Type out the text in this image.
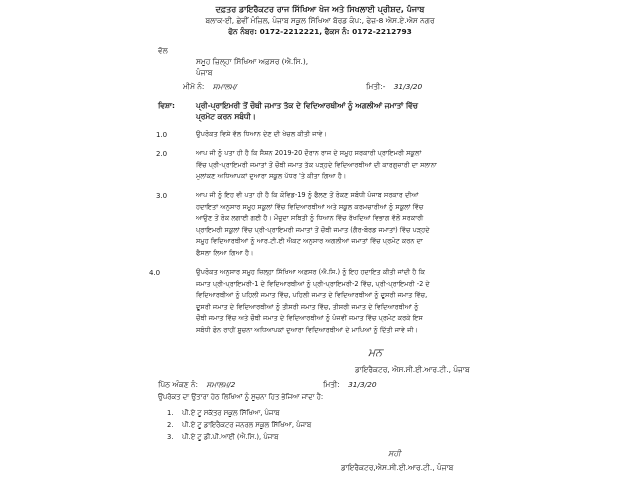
ਦਫ਼ਤਰ ਡਾਇਰੈਕਟਰ ਰਾਜ ਸਿੱਖਿਆ ਖੋਜ ਅਤੇ ਸਿਖਲਾਈ ਪ੍ਰੀਸ਼ਦ, ਪੰਜਾਬ
ਬਲਾਕ-ਈ, ਛੇਵੀਂ ਮੰਜ਼ਿਲ, ਪੰਜਾਬ ਸਕੂਲ ਸਿੱਖਿਆ ਬੋਰਡ ਕੰਪ:, ਫੇਜ਼-8 ਐਸ.ਏ.ਐਸ ਨਗਰ
ਫੋਨ ਨੰਬਰ: 0172-2212221, ਫੈਕਸ ਨੰ: 0172-2212793
ਵੱਲ
ਸਮੂਹ ਜ਼ਿਲ੍ਹਾ ਸਿੱਖਿਆ ਅਫ਼ਸਰ (ਐ.ਸਿ.),
ਪੰਜਾਬ
ਮੀਮੋ ਨੰ: ਸਮਾਲਮ/	ਮਿਤੀ:- 31/3/20
ਵਿਸ਼ਾ:	ਪ੍ਰੀ-ਪ੍ਰਾਇਮਰੀ ਤੋਂ ਚੌਥੀ ਜਮਾਤ ਤੱਕ ਦੇ ਵਿਦਿਆਰਥੀਆਂ ਨੂੰ ਅਗਲੀਆਂ ਜਮਾਤਾਂ ਵਿੱਚ
ਪ੍ਰਮੋਟ ਕਰਨ ਸਬੰਧੀ।
1.0	ਉਪਰੋਕਤ ਵਿਸ਼ੇ ਵੱਲ ਧਿਆਨ ਦੇਣ ਦੀ ਖੇਚਲ ਕੀਤੀ ਜਾਵੇ।
2.0	ਆਪ ਜੀ ਨੂੰ ਪਤਾ ਹੀ ਹੈ ਕਿ ਸੈਸ਼ਨ 2019-20 ਦੌਰਾਨ ਰਾਜ ਦੇ ਸਮੂਹ ਸਰਕਾਰੀ ਪ੍ਰਾਇਮਰੀ ਸਕੂਲਾਂ
ਵਿੱਚ ਪ੍ਰੀ-ਪ੍ਰਾਇਮਰੀ ਜਮਾਤਾਂ ਤੋਂ ਚੌਥੀ ਜਮਾਤ ਤੱਕ ਪੜ੍ਹਦੇ ਵਿਦਿਆਰਥੀਆਂ ਦੀ ਕਾਰਗੁਜ਼ਾਰੀ ਦਾ ਸਲਾਨਾ
ਮੁਲਾਂਕਣ ਅਧਿਆਪਕਾਂ ਦੁਆਰਾ ਸਕੂਲ ਪੱਧਰ 'ਤੇ ਕੀਤਾ ਗਿਆ ਹੈ।
3.0	ਆਪ ਜੀ ਨੂੰ ਇਹ ਵੀ ਪਤਾ ਹੀ ਹੈ ਕਿ ਕੋਵਿਡ-19 ਨੂੰ ਫੈਲਣ ਤੋਂ ਰੋਕਣ ਸਬੰਧੀ ਪੰਜਾਬ ਸਰਕਾਰ ਦੀਆਂ
ਹਦਾਇਤਾਂ ਅਨੁਸਾਰ ਸਮੂਹ ਸਕੂਲਾਂ ਵਿੱਚ ਵਿਦਿਆਰਥੀਆਂ ਅਤੇ ਸਕੂਲ ਕਰਮਚਾਰੀਆਂ ਨੂੰ ਸਕੂਲਾਂ ਵਿੱਚ
ਆਉਣ ਤੋਂ ਰੋਕ ਲਗਾਈ ਗਈ ਹੈ। ਮੌਜੂਦਾ ਸਥਿਤੀ ਨੂੰ ਧਿਆਨ ਵਿੱਚ ਰੱਖਦਿਆਂ ਵਿਭਾਗ ਵੱਲੋਂ ਸਰਕਾਰੀ
ਪ੍ਰਾਇਮਰੀ ਸਕੂਲਾਂ ਵਿੱਚ ਪ੍ਰੀ-ਪ੍ਰਾਇਮਰੀ ਜਮਾਤਾਂ ਤੋਂ ਚੌਥੀ ਜਮਾਤ (ਗੈਰ-ਬੋਰਡ ਜਮਾਤਾਂ) ਵਿੱਚ ਪੜ੍ਹਦੇ
ਸਮੂਹ ਵਿਦਿਆਰਥੀਆਂ ਨੂੰ ਆਰ.ਟੀ.ਈ ਐਕਟ ਅਨੁਸਾਰ ਅਗਲੀਆਂ ਜਮਾਤਾਂ ਵਿੱਚ ਪ੍ਰਮੋਟ ਕਰਨ ਦਾ
ਫੈਸਲਾ ਲਿਆ ਗਿਆ ਹੈ।
4.0	ਉਪਰੋਕਤ ਅਨੁਸਾਰ ਸਮੂਹ ਜ਼ਿਲ੍ਹਾ ਸਿੱਖਿਆ ਅਫ਼ਸਰ (ਐ.ਸਿ.) ਨੂੰ ਇਹ ਹਦਾਇਤ ਕੀਤੀ ਜਾਂਦੀ ਹੈ ਕਿ
ਜਮਾਤ ਪ੍ਰੀ-ਪ੍ਰਾਇਮਰੀ-1 ਦੇ ਵਿਦਿਆਰਥੀਆਂ ਨੂੰ ਪ੍ਰੀ-ਪ੍ਰਾਇਮਰੀ-2 ਵਿੱਚ, ਪ੍ਰੀ-ਪ੍ਰਾਇਮਰੀ -2 ਦੇ
ਵਿਦਿਆਰਥੀਆਂ ਨੂੰ ਪਹਿਲੀ ਜਮਾਤ ਵਿੱਚ, ਪਹਿਲੀ ਜਮਾਤ ਦੇ ਵਿਦਿਆਰਥੀਆਂ ਨੂੰ ਦੂਸਰੀ ਜਮਾਤ ਵਿੱਚ,
ਦੂਸਰੀ ਜਮਾਤ ਦੇ ਵਿਦਿਆਰਥੀਆਂ ਨੂੰ ਤੀਸਰੀ ਜਮਾਤ ਵਿੱਚ, ਤੀਸਰੀ ਜਮਾਤ ਦੇ ਵਿਦਿਆਰਥੀਆਂ ਨੂੰ
ਚੌਥੀ ਜਮਾਤ ਵਿੱਚ ਅਤੇ ਚੌਥੀ ਜਮਾਤ ਦੇ ਵਿਦਿਆਰਥੀਆਂ ਨੂੰ ਪੰਜਵੀਂ ਜਮਾਤ ਵਿੱਚ ਪ੍ਰਮੋਟ ਕਰਕੇ ਇਸ
ਸਬੰਧੀ ਫੋਨ ਰਾਹੀਂ ਸੂਚਨਾ ਅਧਿਆਪਕਾਂ ਦੁਆਰਾ ਵਿਦਿਆਰਥੀਆਂ ਦੇ ਮਾਪਿਆਂ ਨੂੰ ਦਿੱਤੀ ਜਾਵੇ ਜੀ।
ਮਨ
ਡਾਇਰੈਕਟਰ, ਐਸ.ਸੀ.ਈ.ਆਰ.ਟੀ., ਪੰਜਾਬ
ਪਿੱਠ ਅੰਕਣ ਨੰ: ਸਮਾਲਮ/2	ਮਿਤੀ: 31/3/20
ਉਪਰੋਕਤ ਦਾ ਉਤਾਰਾ ਹੇਠ ਲਿਖਿਆਂ ਨੂੰ ਸੂਚਨਾ ਹਿਤ ਭੇਜਿਆ ਜਾਂਦਾ ਹੈ:
1. ਪੀ.ਏ ਟੂ ਸਕੱਤਰ ਸਕੂਲ ਸਿੱਖਿਆ, ਪੰਜਾਬ
2. ਪੀ.ਏ ਟੂ ਡਾਇਰੈਕਟਰ ਜਨਰਲ ਸਕੂਲ ਸਿੱਖਿਆ, ਪੰਜਾਬ
3. ਪੀ.ਏ ਟੂ ਡੀ.ਪੀ.ਆਈ (ਐ.ਸਿ.), ਪੰਜਾਬ
ਸਹੀ
ਡਾਇਰੈਕਟਰ,ਐਸ.ਸੀ.ਈ.ਆਰ.ਟੀ., ਪੰਜਾਬ
